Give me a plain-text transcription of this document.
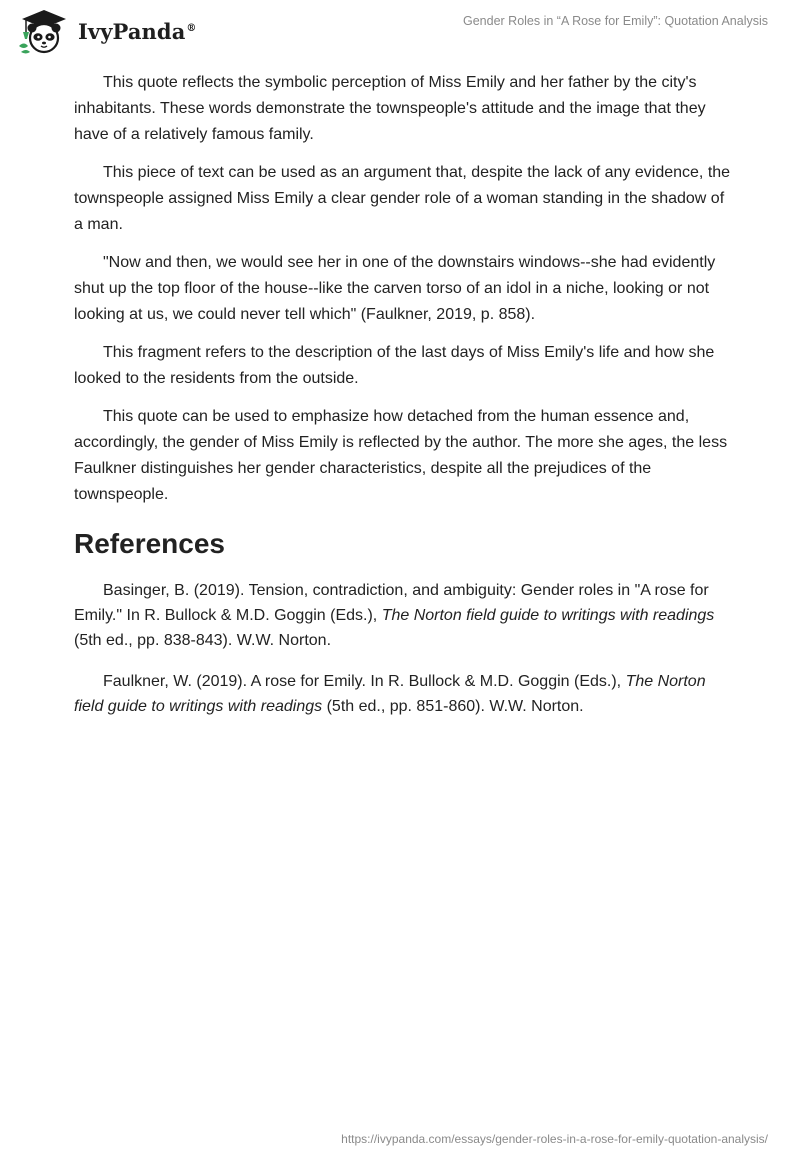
IvyPanda®	Gender Roles in “A Rose for Emily”: Quotation Analysis

This quote reflects the symbolic perception of Miss Emily and her father by the city's inhabitants. These words demonstrate the townspeople's attitude and the image that they have of a relatively famous family.

This piece of text can be used as an argument that, despite the lack of any evidence, the townspeople assigned Miss Emily a clear gender role of a woman standing in the shadow of a man.

"Now and then, we would see her in one of the downstairs windows--she had evidently shut up the top floor of the house--like the carven torso of an idol in a niche, looking or not looking at us, we could never tell which" (Faulkner, 2019, p. 858).

This fragment refers to the description of the last days of Miss Emily's life and how she looked to the residents from the outside.

This quote can be used to emphasize how detached from the human essence and, accordingly, the gender of Miss Emily is reflected by the author. The more she ages, the less Faulkner distinguishes her gender characteristics, despite all the prejudices of the townspeople.

References

Basinger, B. (2019). Tension, contradiction, and ambiguity: Gender roles in "A rose for Emily." In R. Bullock & M.D. Goggin (Eds.), The Norton field guide to writings with readings (5th ed., pp. 838-843). W.W. Norton.

Faulkner, W. (2019). A rose for Emily. In R. Bullock & M.D. Goggin (Eds.), The Norton field guide to writings with readings (5th ed., pp. 851-860). W.W. Norton.

https://ivypanda.com/essays/gender-roles-in-a-rose-for-emily-quotation-analysis/
